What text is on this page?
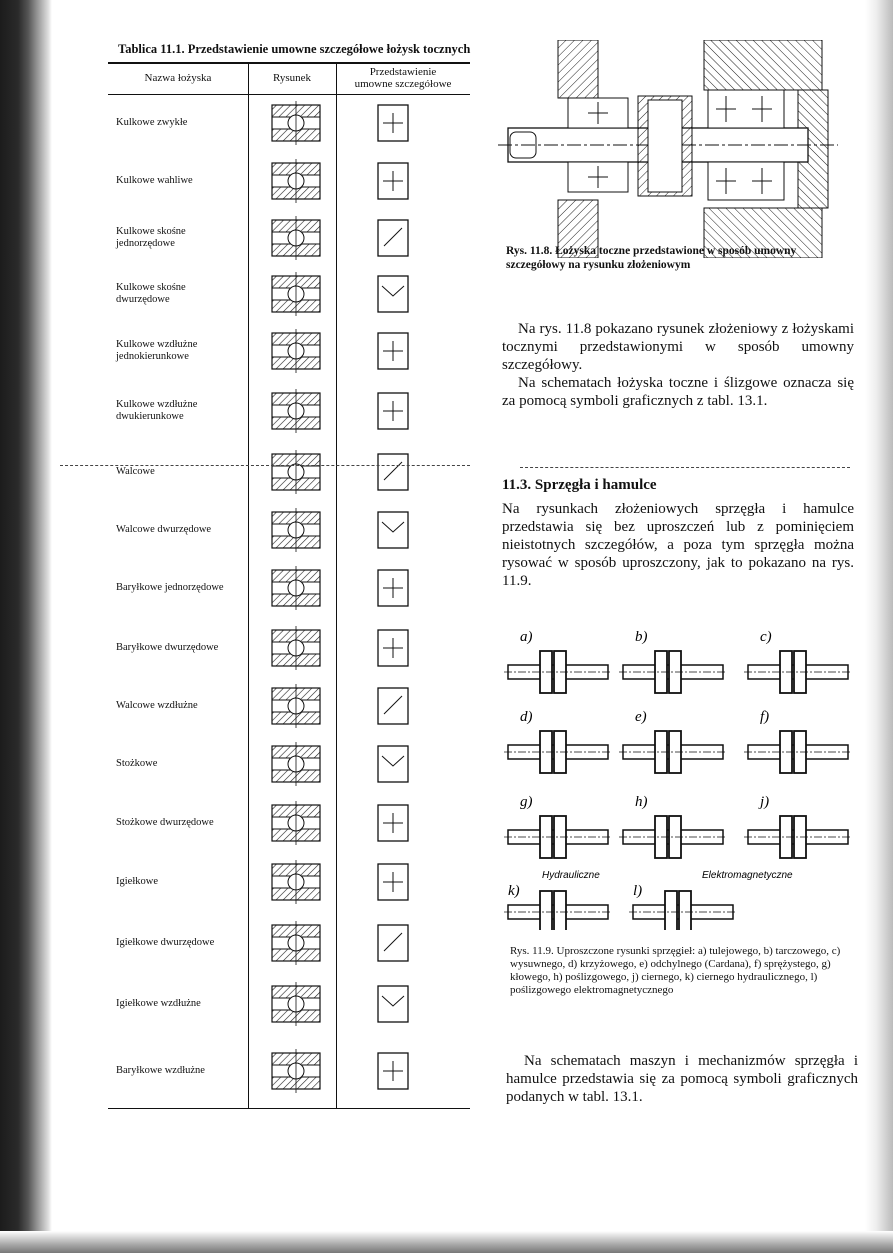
Tablica 11.1. Przedstawienie umowne szczegółowe łożysk tocznych
Nazwa łożyska	Rysunek	Przedstawienie
umowne szczegółowe
Kulkowe zwykłe
Kulkowe wahliwe
Kulkowe skośne
jednorzędowe
Kulkowe skośne
dwurzędowe
Kulkowe wzdłużne
jednokierunkowe
Kulkowe wzdłużne
dwukierunkowe
Walcowe
Walcowe dwurzędowe
Baryłkowe jednorzędowe
Baryłkowe dwurzędowe
Walcowe wzdłużne
Stożkowe
Stożkowe dwurzędowe
Igiełkowe
Igiełkowe dwurzędowe
Igiełkowe wzdłużne
Baryłkowe wzdłużne
Rys. 11.8. Łożyska toczne przedstawione w sposób umowny szczegółowy na rysunku złożeniowym
Na rys. 11.8 pokazano rysunek złożeniowy z łożyskami tocznymi przedstawionymi w sposób umowny szczegółowy.
Na schematach łożyska toczne i ślizgowe oznacza się za pomocą symboli graficznych z tabl. 13.1.
11.3. Sprzęgła i hamulce
Na rysunkach złożeniowych sprzęgła i hamulce przedstawia się bez uproszczeń lub z pominięciem nieistotnych szczegółów, a poza tym sprzęgła można rysować w sposób uproszczony, jak to pokazano na rys. 11.9.
a)	b)	c)
d)	e)	f)
g)	h)	j)
k)	l)
Hydrauliczne	Elektromagnetyczne
Rys. 11.9. Uproszczone rysunki sprzęgieł: a) tulejowego, b) tarczowego, c) wysuwnego, d) krzyżowego, e) odchylnego (Cardana), f) sprężystego, g) kłowego, h) poślizgowego, j) ciernego, k) ciernego hydraulicznego, l) poślizgowego elektromagnetycznego
Na schematach maszyn i mechanizmów sprzęgła i hamulce przedstawia się za pomocą symboli graficznych podanych w tabl. 13.1.
